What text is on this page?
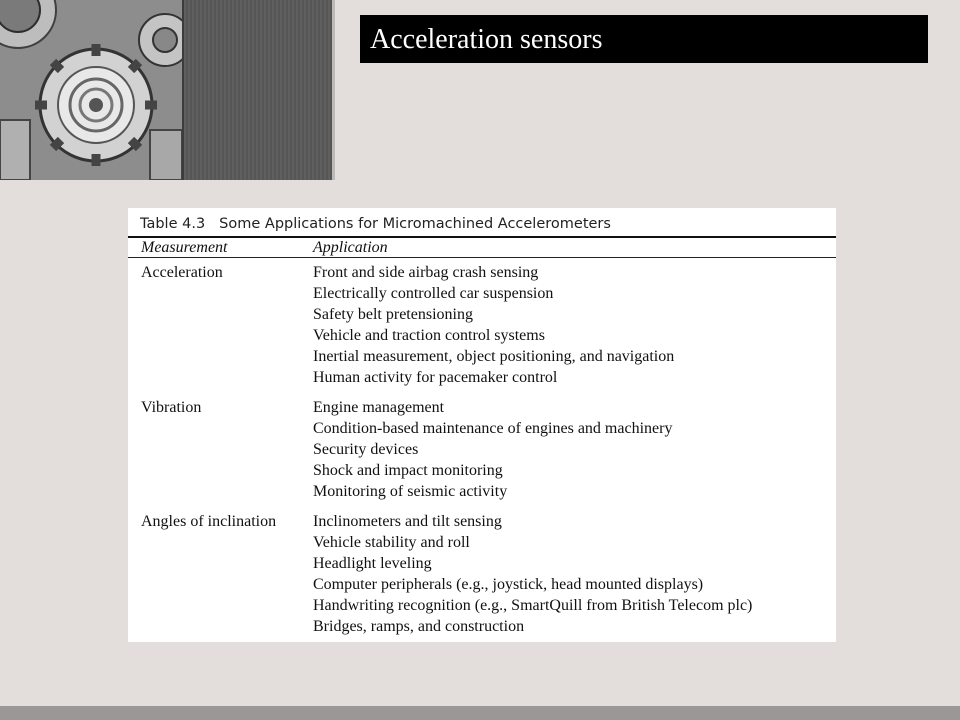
Acceleration sensors
Table 4.3 Some Applications for Micromachined Accelerometers
Measurement	Application
Acceleration	Front and side airbag crash sensing
Electrically controlled car suspension
Safety belt pretensioning
Vehicle and traction control systems
Inertial measurement, object positioning, and navigation
Human activity for pacemaker control
Vibration	Engine management
Condition-based maintenance of engines and machinery
Security devices
Shock and impact monitoring
Monitoring of seismic activity
Angles of inclination	Inclinometers and tilt sensing
Vehicle stability and roll
Headlight leveling
Computer peripherals (e.g., joystick, head mounted displays)
Handwriting recognition (e.g., SmartQuill from British Telecom plc)
Bridges, ramps, and construction
